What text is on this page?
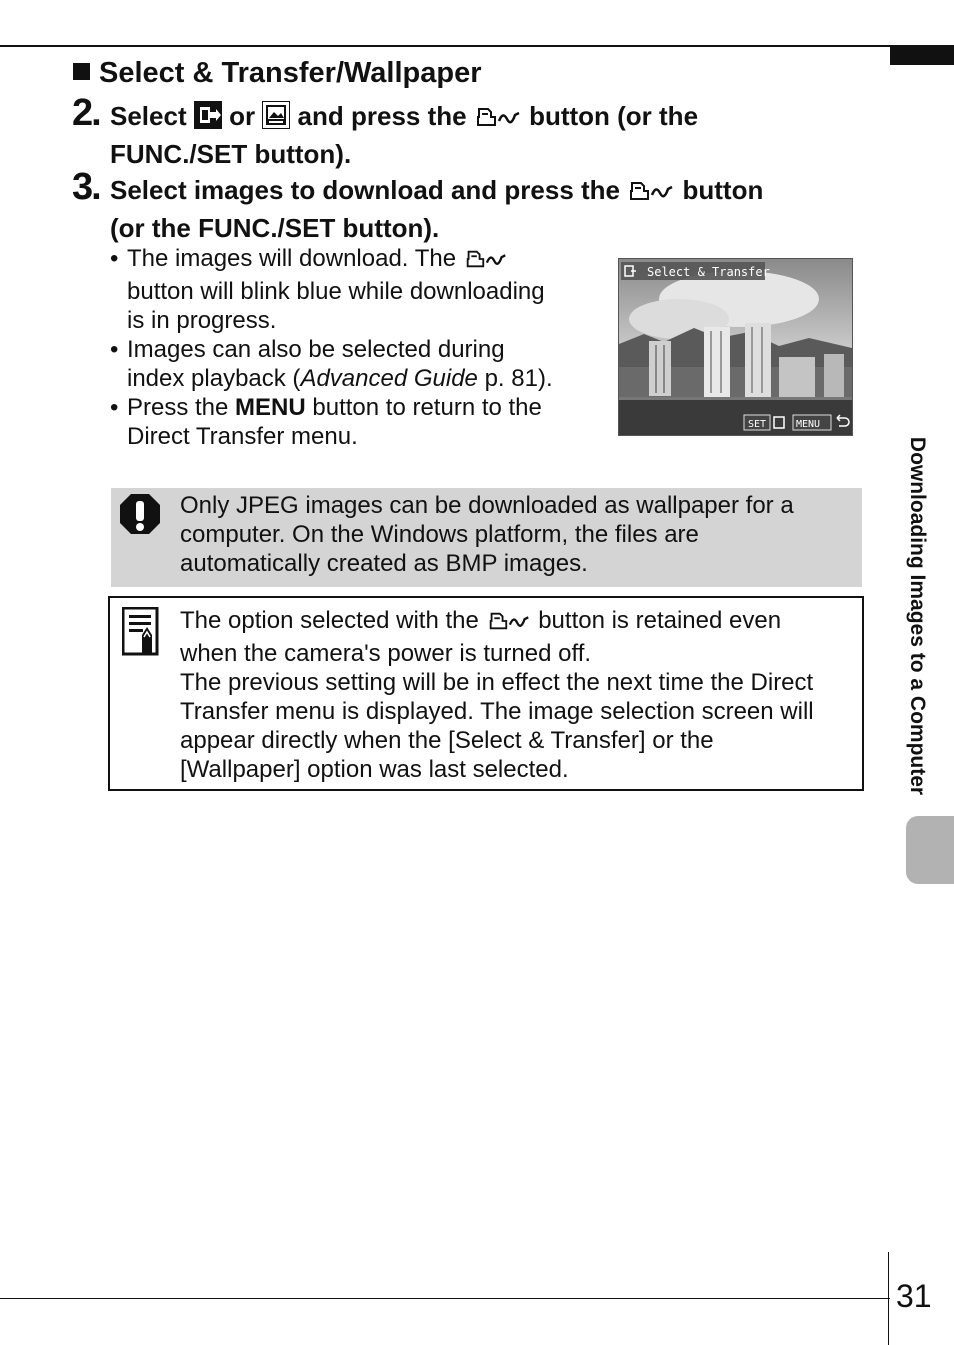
Select & Transfer/Wallpaper
2. Select or and press the button (or the
FUNC./SET button).
3. Select images to download and press the button
(or the FUNC./SET button).
• The images will download. The
button will blink blue while downloading
is in progress.
• Images can also be selected during
index playback (Advanced Guide p. 81).
• Press the MENU button to return to the
Direct Transfer menu.
Select & Transfer
SET	MENU
Only JPEG images can be downloaded as wallpaper for a
computer. On the Windows platform, the files are
automatically created as BMP images.
The option selected with the button is retained even
when the camera's power is turned off.
The previous setting will be in effect the next time the Direct
Transfer menu is displayed. The image selection screen will
appear directly when the [Select & Transfer] or the
[Wallpaper] option was last selected.	Downloading Images to a Computer
31
